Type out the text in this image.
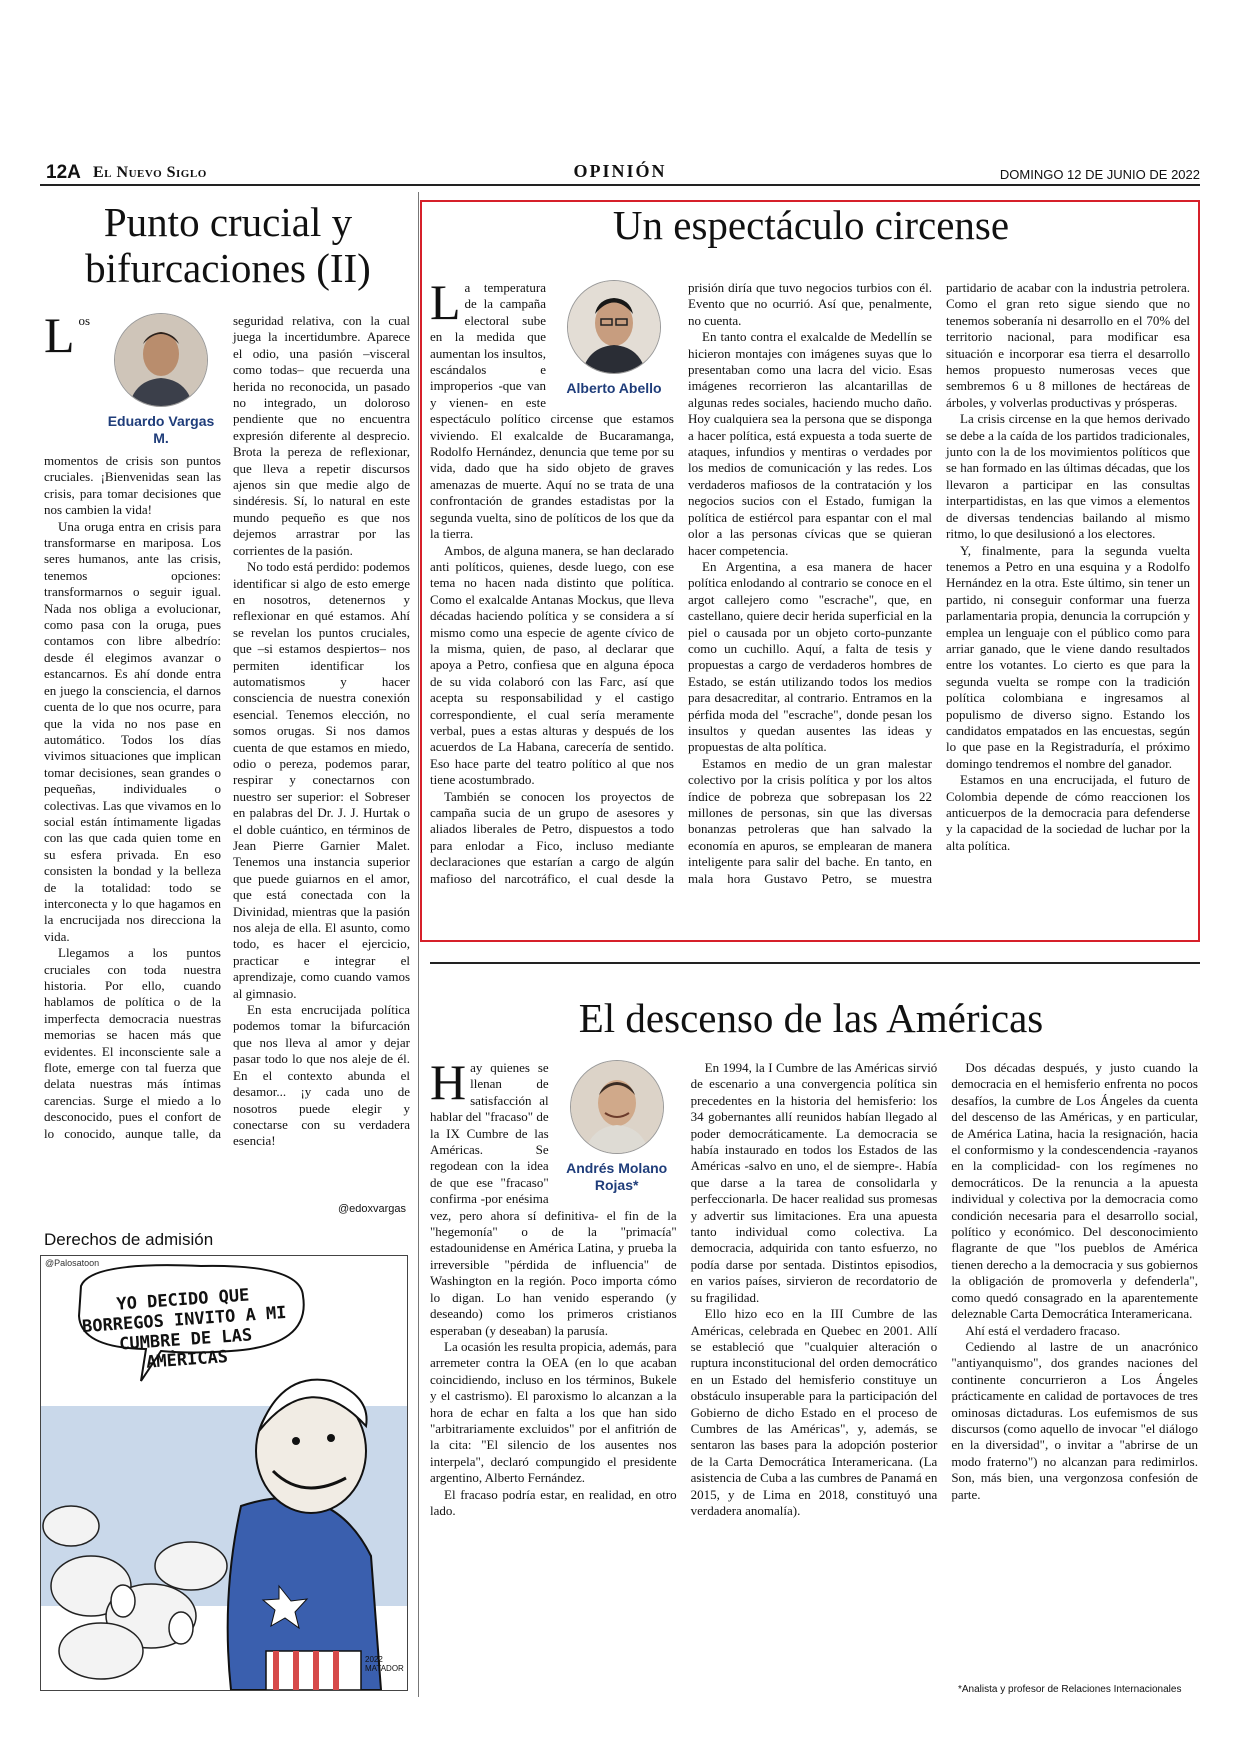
12A El Nuevo Siglo	OPINIÓN	DOMINGO 12 DE JUNIO DE 2022
Punto crucial y bifurcaciones (II)
Eduardo Vargas M.

Los momentos de crisis son puntos cruciales. ¡Bienvenidas sean las crisis, para tomar decisiones que nos cambien la vida!

Una oruga entra en crisis para transformarse en mariposa. Los seres humanos, ante las crisis, tenemos opciones: transformarnos o seguir igual. Nada nos obliga a evolucionar, como pasa con la oruga, pues contamos con libre albedrío: desde él elegimos avanzar o estancarnos. Es ahí donde entra en juego la consciencia, el darnos cuenta de lo que nos ocurre, para que la vida no nos pase en automático. Todos los días vivimos situaciones que implican tomar decisiones, sean grandes o pequeñas, individuales o colectivas. Las que vivamos en lo social están íntimamente ligadas con las que cada quien tome en su esfera privada. En eso consisten la bondad y la belleza de la totalidad: todo se interconecta y lo que hagamos en la encrucijada nos direcciona la vida.

Llegamos a los puntos cruciales con toda nuestra historia. Por ello, cuando hablamos de política o de la imperfecta democracia nuestras memorias se hacen más que evidentes. El inconsciente sale a flote, emerge con tal fuerza que delata nuestras más íntimas carencias. Surge el miedo a lo desconocido, pues el confort de lo conocido, aunque talle, da seguridad relativa, con la cual juega la incertidumbre. Aparece el odio, una pasión –visceral como todas– que recuerda una herida no reconocida, un pasado no integrado, un doloroso pendiente que no encuentra expresión diferente al desprecio. Brota la pereza de reflexionar, que lleva a repetir discursos ajenos sin que medie algo de sindéresis. Sí, lo natural en este mundo pequeño es que nos dejemos arrastrar por las corrientes de la pasión.

No todo está perdido: podemos identificar si algo de esto emerge en nosotros, detenernos y reflexionar en qué estamos. Ahí se revelan los puntos cruciales, que –si estamos despiertos– nos permiten identificar los automatismos y hacer consciencia de nuestra conexión esencial. Tenemos elección, no somos orugas. Si nos damos cuenta de que estamos en miedo, odio o pereza, podemos parar, respirar y conectarnos con nuestro ser superior: el Sobreser en palabras del Dr. J. J. Hurtak o el doble cuántico, en términos de Jean Pierre Garnier Malet. Tenemos una instancia superior que puede guiarnos en el amor, que está conectada con la Divinidad, mientras que la pasión nos aleja de ella. El asunto, como todo, es hacer el ejercicio, practicar e integrar el aprendizaje, como cuando vamos al gimnasio.

En esta encrucijada política podemos tomar la bifurcación que nos lleva al amor y dejar pasar todo lo que nos aleje de él. En el contexto abunda el desamor... ¡y cada uno de nosotros puede elegir y conectarse con su verdadera esencia!

@edoxvargas
Derechos de admisión
@Palosatoon
YO DECIDO QUE BORREGOS INVITO A MI CUMBRE DE LAS AMÉRICAS
2022 MATADOR
Un espectáculo circense
Alberto Abello

La temperatura de la campaña electoral sube en la medida que aumentan los insultos, escándalos e improperios -que van y vienen- en este espectáculo político circense que estamos viviendo. El exalcalde de Bucaramanga, Rodolfo Hernández, denuncia que teme por su vida, dado que ha sido objeto de graves amenazas de muerte. Aquí no se trata de una confrontación de grandes estadistas por la segunda vuelta, sino de políticos de los que da la tierra.

Ambos, de alguna manera, se han declarado anti políticos, quienes, desde luego, con ese tema no hacen nada distinto que política. Como el exalcalde Antanas Mockus, que lleva décadas haciendo política y se considera a sí mismo como una especie de agente cívico de la misma, quien, de paso, al declarar que apoya a Petro, confiesa que en alguna época de su vida colaboró con las Farc, así que acepta su responsabilidad y el castigo correspondiente, el cual sería meramente verbal, pues a estas alturas y después de los acuerdos de La Habana, carecería de sentido. Eso hace parte del teatro político al que nos tiene acostumbrado.

También se conocen los proyectos de campaña sucia de un grupo de asesores y aliados liberales de Petro, dispuestos a todo para enlodar a Fico, incluso mediante declaraciones que estarían a cargo de algún mafioso del narcotráfico, el cual desde la prisión diría que tuvo negocios turbios con él. Evento que no ocurrió. Así que, penalmente, no cuenta.

En tanto contra el exalcalde de Medellín se hicieron montajes con imágenes suyas que lo presentaban como una lacra del vicio. Esas imágenes recorrieron las alcantarillas de algunas redes sociales, haciendo mucho daño. Hoy cualquiera sea la persona que se disponga a hacer política, está expuesta a toda suerte de ataques, infundios y mentiras o verdades por los medios de comunicación y las redes. Los verdaderos mafiosos de la contratación y los negocios sucios con el Estado, fumigan la política de estiércol para espantar con el mal olor a las personas cívicas que se quieran hacer competencia.

En Argentina, a esa manera de hacer política enlodando al contrario se conoce en el argot callejero como "escrache", que, en castellano, quiere decir herida superficial en la piel o causada por un objeto corto-punzante como un cuchillo. Aquí, a falta de tesis y propuestas a cargo de verdaderos hombres de Estado, se están utilizando todos los medios para desacreditar, al contrario. Entramos en la pérfida moda del "escrache", donde pesan los insultos y quedan ausentes las ideas y propuestas de alta política.

Estamos en medio de un gran malestar colectivo por la crisis política y por los altos índice de pobreza que sobrepasan los 22 millones de personas, sin que las diversas bonanzas petroleras que han salvado la economía en apuros, se emplearan de manera inteligente para salir del bache. En tanto, en mala hora Gustavo Petro, se muestra partidario de acabar con la industria petrolera. Como el gran reto sigue siendo que no tenemos soberanía ni desarrollo en el 70% del territorio nacional, para modificar esa situación e incorporar esa tierra el desarrollo hemos propuesto numerosas veces que sembremos 6 u 8 millones de hectáreas de árboles, y volverlas productivas y prósperas.

La crisis circense en la que hemos derivado se debe a la caída de los partidos tradicionales, junto con la de los movimientos políticos que se han formado en las últimas décadas, que los llevaron a participar en las consultas interpartidistas, en las que vimos a elementos de diversas tendencias bailando al mismo ritmo, lo que desilusionó a los electores.

Y, finalmente, para la segunda vuelta tenemos a Petro en una esquina y a Rodolfo Hernández en la otra. Este último, sin tener un partido, ni conseguir conformar una fuerza parlamentaria propia, denuncia la corrupción y emplea un lenguaje con el público como para arriar ganado, que le viene dando resultados entre los votantes. Lo cierto es que para la segunda vuelta se rompe con la tradición política colombiana e ingresamos al populismo de diverso signo. Estando los candidatos empatados en las encuestas, según lo que pase en la Registraduría, el próximo domingo tendremos el nombre del ganador.

Estamos en una encrucijada, el futuro de Colombia depende de cómo reaccionen los anticuerpos de la democracia para defenderse y la capacidad de la sociedad de luchar por la alta política.

El descenso de las Américas
Andrés Molano Rojas*

Hay quienes se llenan de satisfacción al hablar del "fracaso" de la IX Cumbre de las Américas. Se regodean con la idea de que ese "fracaso" confirma -por enésima vez, pero ahora sí definitiva- el fin de la "hegemonía" o de la "primacía" estadounidense en América Latina, y prueba la irreversible "pérdida de influencia" de Washington en la región. Poco importa cómo lo digan. Lo han venido esperando (y deseando) como los primeros cristianos esperaban (y deseaban) la parusía.

La ocasión les resulta propicia, además, para arremeter contra la OEA (en lo que acaban coincidiendo, incluso en los términos, Bukele y el castrismo). El paroxismo lo alcanzan a la hora de echar en falta a los que han sido "arbitrariamente excluidos" por el anfitrión de la cita: "El silencio de los ausentes nos interpela", declaró compungido el presidente argentino, Alberto Fernández.

El fracaso podría estar, en realidad, en otro lado.

En 1994, la I Cumbre de las Américas sirvió de escenario a una convergencia política sin precedentes en la historia del hemisferio: los 34 gobernantes allí reunidos habían llegado al poder democráticamente. La democracia se había instaurado en todos los Estados de las Américas -salvo en uno, el de siempre-. Había que darse a la tarea de consolidarla y perfeccionarla. De hacer realidad sus promesas y advertir sus limitaciones. Era una apuesta tanto individual como colectiva. La democracia, adquirida con tanto esfuerzo, no podía darse por sentada. Distintos episodios, en varios países, sirvieron de recordatorio de su fragilidad.

Ello hizo eco en la III Cumbre de las Américas, celebrada en Quebec en 2001. Allí se estableció que "cualquier alteración o ruptura inconstitucional del orden democrático en un Estado del hemisferio constituye un obstáculo insuperable para la participación del Gobierno de dicho Estado en el proceso de Cumbres de las Américas", y, además, se sentaron las bases para la adopción posterior de la Carta Democrática Interamericana. (La asistencia de Cuba a las cumbres de Panamá en 2015, y de Lima en 2018, constituyó una verdadera anomalía).

Dos décadas después, y justo cuando la democracia en el hemisferio enfrenta no pocos desafíos, la cumbre de Los Ángeles da cuenta del descenso de las Américas, y en particular, de América Latina, hacia la resignación, hacia el conformismo y la condescendencia -rayanos en la complicidad- con los regímenes no democráticos. De la renuncia a la apuesta individual y colectiva por la democracia como condición necesaria para el desarrollo social, político y económico. Del desconocimiento flagrante de que "los pueblos de América tienen derecho a la democracia y sus gobiernos la obligación de promoverla y defenderla", como quedó consagrado en la aparentemente deleznable Carta Democrática Interamericana.

Ahí está el verdadero fracaso.

Cediendo al lastre de un anacrónico "antiyanquismo", dos grandes naciones del continente concurrieron a Los Ángeles prácticamente en calidad de portavoces de tres ominosas dictaduras. Los eufemismos de sus discursos (como aquello de invocar "el diálogo en la diversidad", o invitar a "abrirse de un modo fraterno") no alcanzan para redimirlos. Son, más bien, una vergonzosa confesión de parte.

*Analista y profesor de Relaciones Internacionales
